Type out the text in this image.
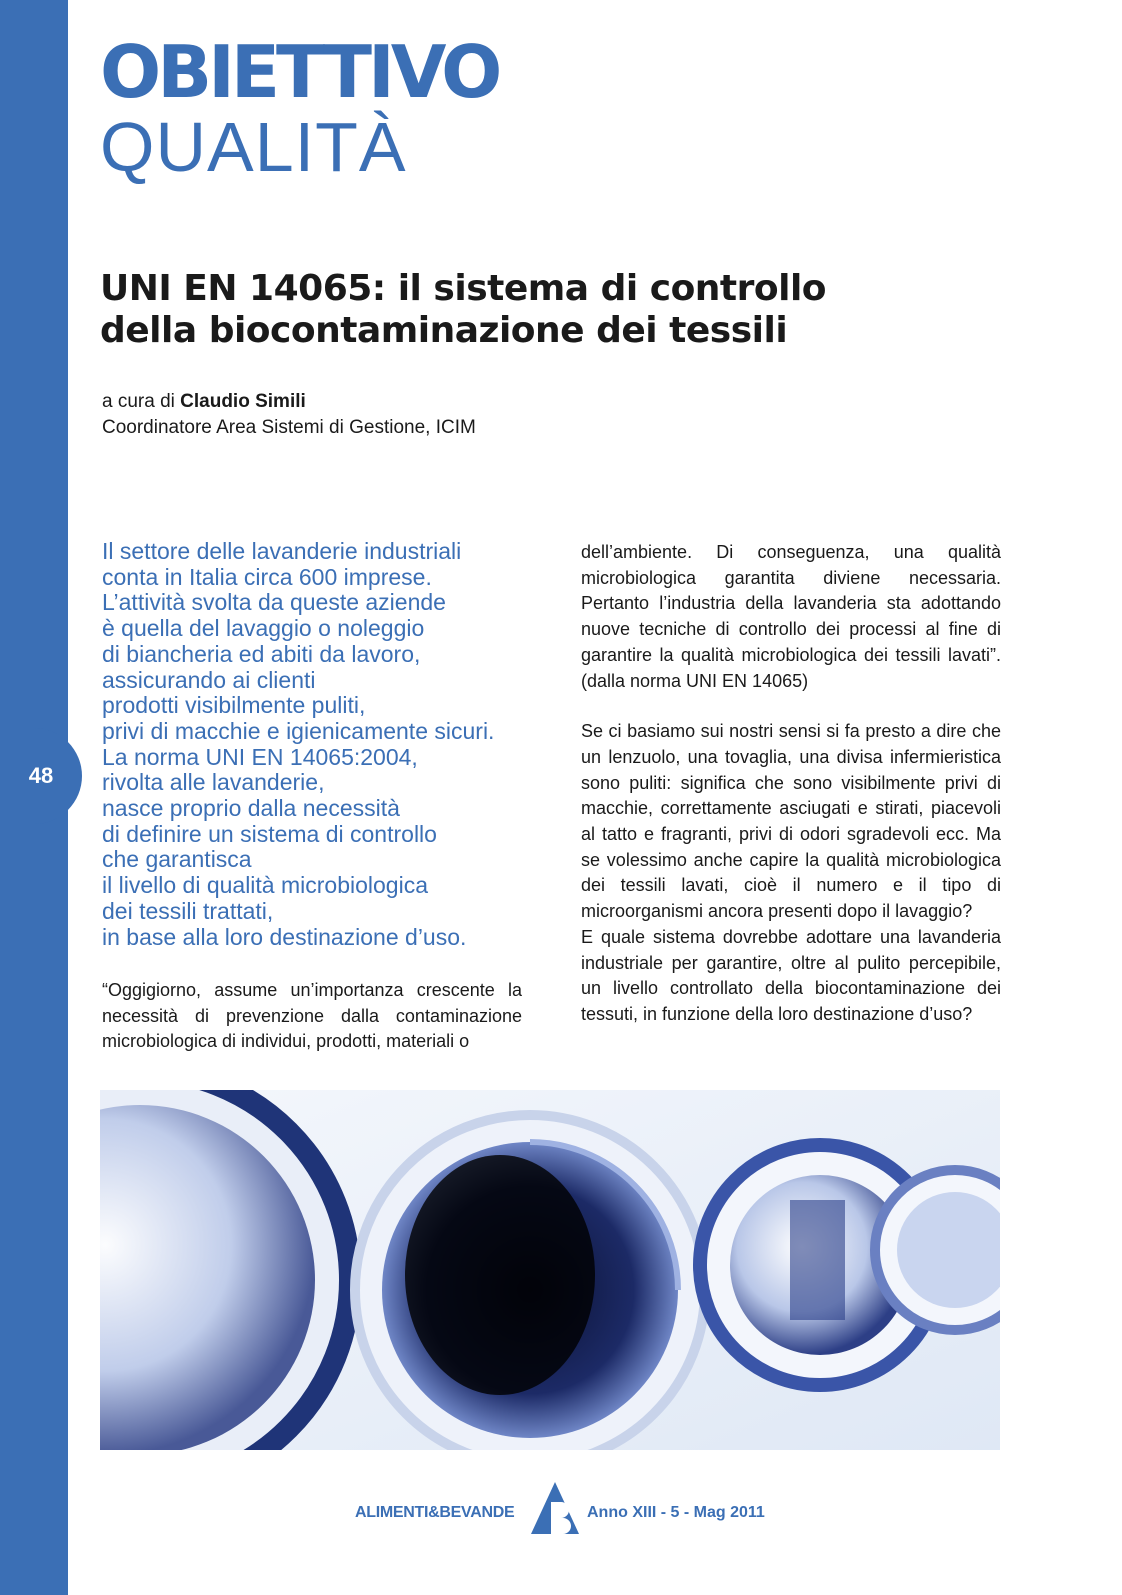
48
OBIETTIVO
QUALITÀ
UNI EN 14065: il sistema di controllo
della biocontaminazione dei tessili
a cura di Claudio Simili
Coordinatore Area Sistemi di Gestione, ICIM
Il settore delle lavanderie industriali
conta in Italia circa 600 imprese.
L’attività svolta da queste aziende
è quella del lavaggio o noleggio
di biancheria ed abiti da lavoro,
assicurando ai clienti
prodotti visibilmente puliti,
privi di macchie e igienicamente sicuri.
La norma UNI EN 14065:2004,
rivolta alle lavanderie,
nasce proprio dalla necessità
di definire un sistema di controllo
che garantisca
il livello di qualità microbiologica
dei tessili trattati,
in base alla loro destinazione d’uso.

“Oggigiorno, assume un’importanza crescente la necessità di prevenzione dalla contaminazione microbiologica di individui, prodotti, materiali o

dell’ambiente. Di conseguenza, una qualità microbiologica garantita diviene necessaria. Pertanto l’industria della lavanderia sta adottando nuove tecniche di controllo dei processi al fine di garantire la qualità microbiologica dei tessili lavati”. (dalla norma UNI EN 14065)

Se ci basiamo sui nostri sensi si fa presto a dire che un lenzuolo, una tovaglia, una divisa infermieristica sono puliti: significa che sono visibilmente privi di macchie, correttamente asciugati e stirati, piacevoli al tatto e fragranti, privi di odori sgradevoli ecc. Ma se volessimo anche capire la qualità microbiologica dei tessili lavati, cioè il numero e il tipo di microorganismi ancora presenti dopo il lavaggio?

E quale sistema dovrebbe adottare una lavanderia industriale per garantire, oltre al pulito percepibile, un livello controllato della biocontaminazione dei tessuti, in funzione della loro destinazione d’uso?

ALIMENTI&BEVANDE	Anno XIII - 5 - Mag 2011
